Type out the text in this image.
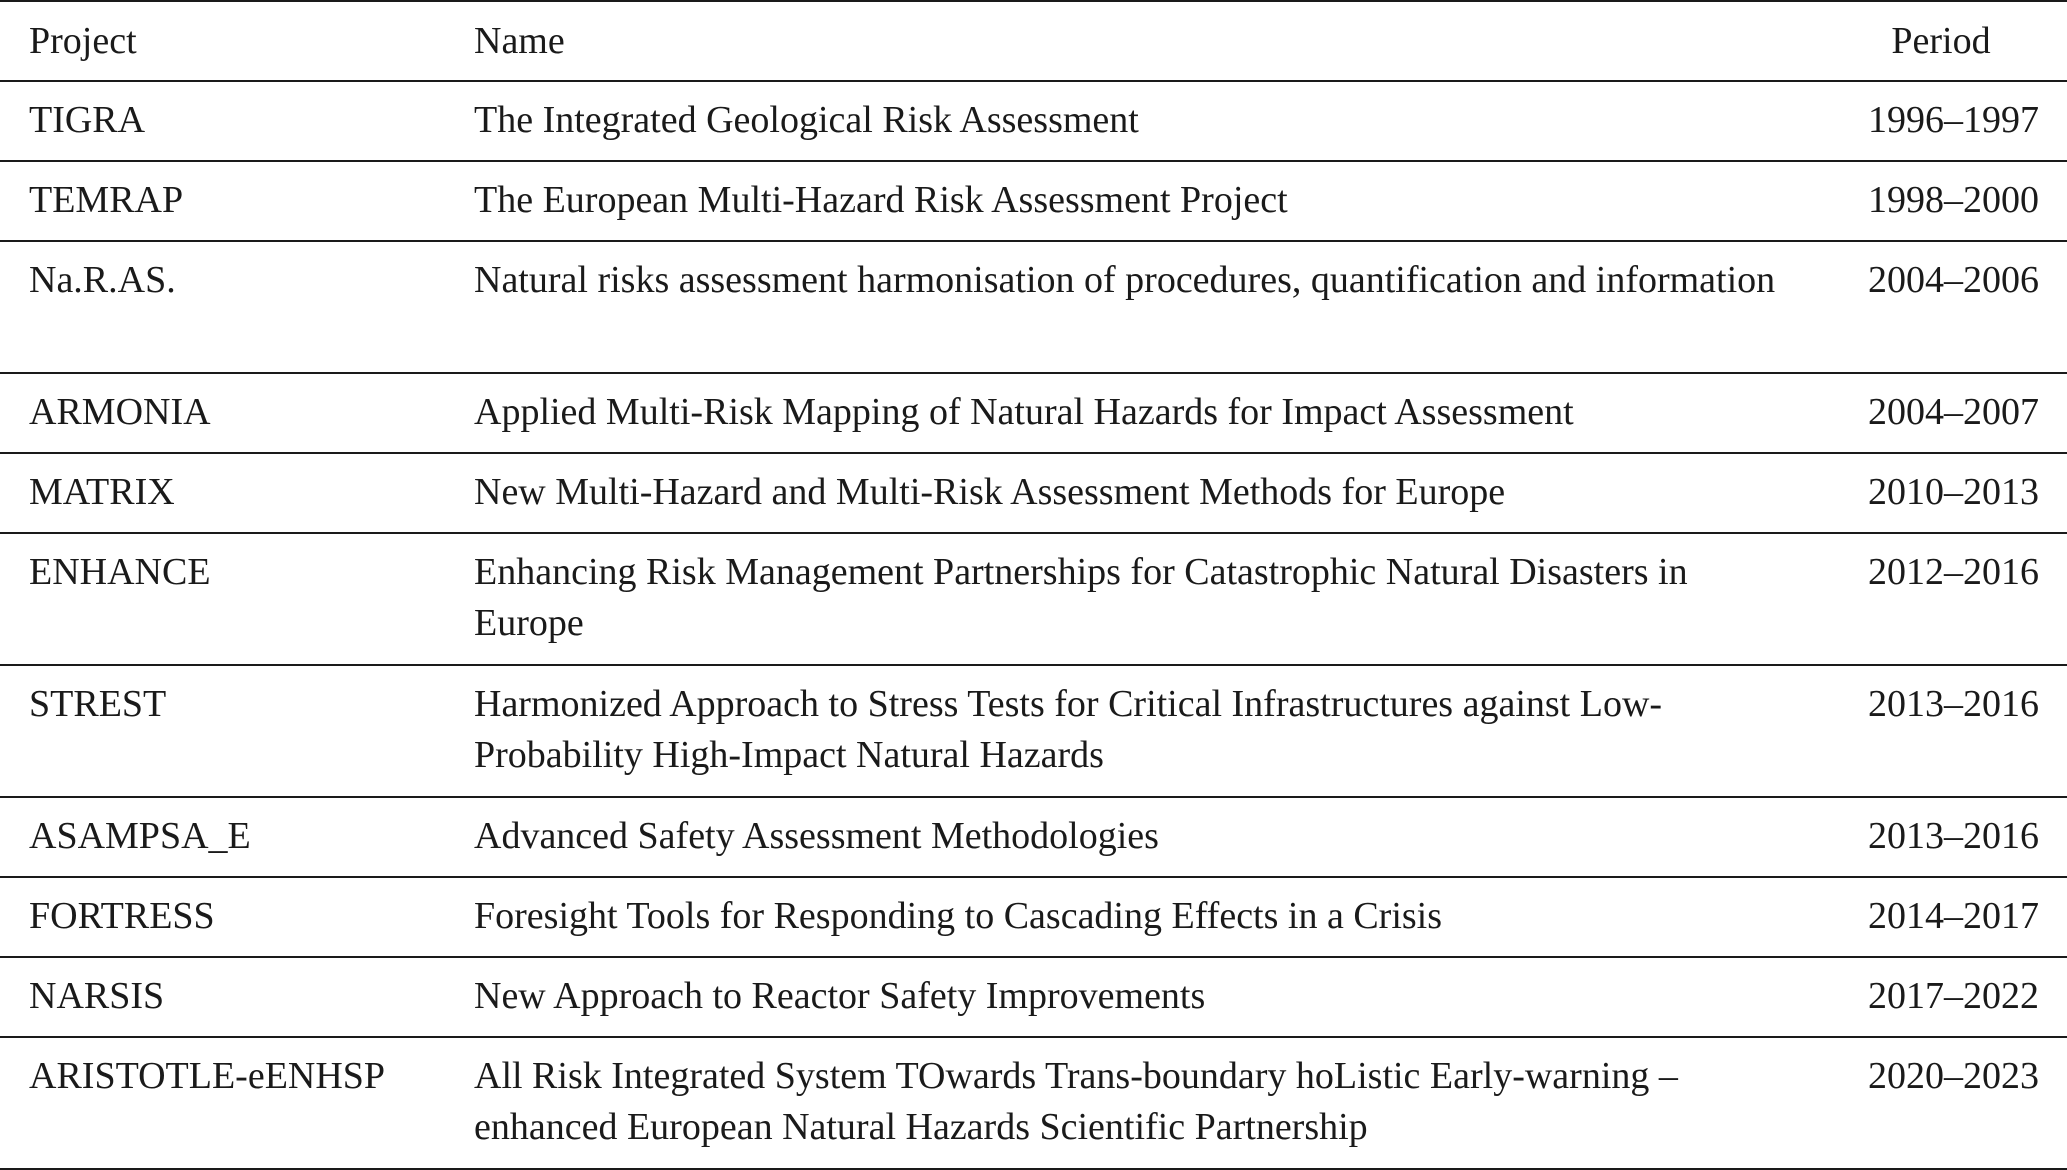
Project	Name	Period
TIGRA	The Integrated Geological Risk Assessment	1996–1997
TEMRAP	The European Multi-Hazard Risk Assessment Project	1998–2000
Na.R.AS.	Natural risks assessment harmonisation of procedures, quantification and information	2004–2006
ARMONIA	Applied Multi-Risk Mapping of Natural Hazards for Impact Assessment	2004–2007
MATRIX	New Multi-Hazard and Multi-Risk Assessment Methods for Europe	2010–2013
ENHANCE	Enhancing Risk Management Partnerships for Catastrophic Natural Disasters in Europe	2012–2016
STREST	Harmonized Approach to Stress Tests for Critical Infrastructures against Low-Probability High-Impact Natural Hazards	2013–2016
ASAMPSA_E	Advanced Safety Assessment Methodologies	2013–2016
FORTRESS	Foresight Tools for Responding to Cascading Effects in a Crisis	2014–2017
NARSIS	New Approach to Reactor Safety Improvements	2017–2022
ARISTOTLE-eENHSP	All Risk Integrated System TOwards Trans-boundary hoListic Early-warning – enhanced European Natural Hazards Scientific Partnership	2020–2023
